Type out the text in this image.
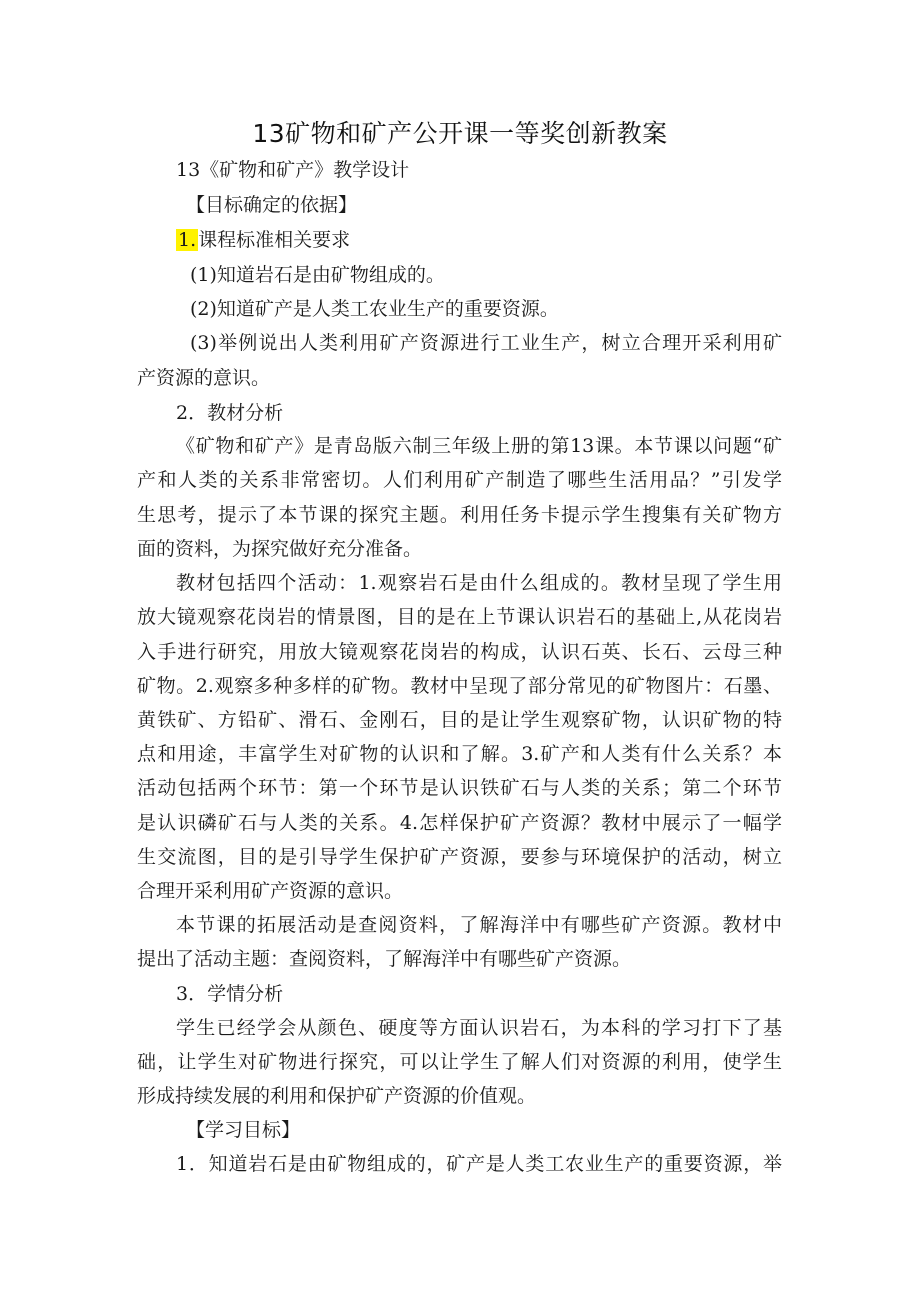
13矿物和矿产公开课一等奖创新教案
13《矿物和矿产》教学设计
【目标确定的依据】
1. 课程标准相关要求
(1)知道岩石是由矿物组成的。
(2)知道矿产是人类工农业生产的重要资源。
(3)举例说出人类利用矿产资源进行工业生产，树立合理开采利用矿
产资源的意识。
2．教材分析
《矿物和矿产》是青岛版六制三年级上册的第13课。本节课以问题“矿
产和人类的关系非常密切。人们利用矿产制造了哪些生活用品？”引发学
生思考，提示了本节课的探究主题。利用任务卡提示学生搜集有关矿物方
面的资料，为探究做好充分准备。
教材包括四个活动：1.观察岩石是由什么组成的。教材呈现了学生用
放大镜观察花岗岩的情景图，目的是在上节课认识岩石的基础上,从花岗岩
入手进行研究，用放大镜观察花岗岩的构成，认识石英、长石、云母三种
矿物。2.观察多种多样的矿物。教材中呈现了部分常见的矿物图片：石墨、
黄铁矿、方铅矿、滑石、金刚石，目的是让学生观察矿物，认识矿物的特
点和用途，丰富学生对矿物的认识和了解。3.矿产和人类有什么关系？本
活动包括两个环节：第一个环节是认识铁矿石与人类的关系；第二个环节
是认识磷矿石与人类的关系。4.怎样保护矿产资源？教材中展示了一幅学
生交流图，目的是引导学生保护矿产资源，要参与环境保护的活动，树立
合理开采利用矿产资源的意识。
本节课的拓展活动是查阅资料，了解海洋中有哪些矿产资源。教材中
提出了活动主题：查阅资料，了解海洋中有哪些矿产资源。
3．学情分析
学生已经学会从颜色、硬度等方面认识岩石，为本科的学习打下了基
础，让学生对矿物进行探究，可以让学生了解人们对资源的利用，使学生
形成持续发展的利用和保护矿产资源的价值观。
【学习目标】
1．知道岩石是由矿物组成的，矿产是人类工农业生产的重要资源，举
